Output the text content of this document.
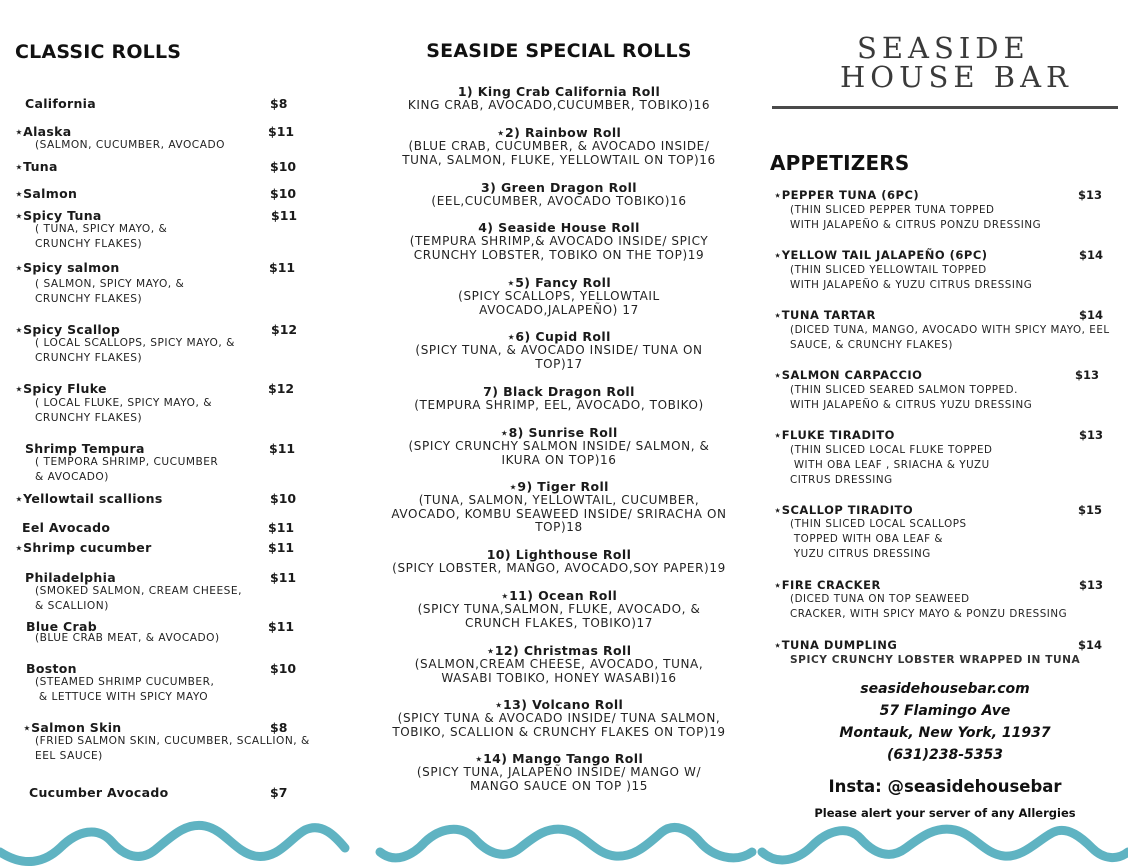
CLASSIC ROLLS	SEASIDE SPECIAL ROLLS	SEASIDE
HOUSE BAR
APPETIZERS
California	$8
⋆Alaska	$11
(SALMON, CUCUMBER, AVOCADO
⋆Tuna	$10
⋆Salmon	$10
⋆Spicy Tuna	$11
( TUNA, SPICY MAYO, &
CRUNCHY FLAKES)
⋆Spicy salmon	$11
( SALMON, SPICY MAYO, &
CRUNCHY FLAKES)
⋆Spicy Scallop	$12
( LOCAL SCALLOPS, SPICY MAYO, &
CRUNCHY FLAKES)
⋆Spicy Fluke	$12
( LOCAL FLUKE, SPICY MAYO, &
CRUNCHY FLAKES)
Shrimp Tempura	$11
( TEMPORA SHRIMP, CUCUMBER
& AVOCADO)
⋆Yellowtail scallions	$10
Eel Avocado	$11
⋆Shrimp cucumber	$11
Philadelphia	$11
(SMOKED SALMON, CREAM CHEESE,
& SCALLION)
Blue Crab	$11
(BLUE CRAB MEAT, & AVOCADO)
Boston	$10
(STEAMED SHRIMP CUCUMBER,
& LETTUCE WITH SPICY MAYO
⋆Salmon Skin	$8
(FRIED SALMON SKIN, CUCUMBER, SCALLION, &
EEL SAUCE)
Cucumber Avocado	$7
1) King Crab California Roll
KING CRAB, AVOCADO,CUCUMBER, TOBIKO)16
⋆2) Rainbow Roll
(BLUE CRAB, CUCUMBER, & AVOCADO INSIDE/
TUNA, SALMON, FLUKE, YELLOWTAIL ON TOP)16
3) Green Dragon Roll
(EEL,CUCUMBER, AVOCADO TOBIKO)16
4) Seaside House Roll
(TEMPURA SHRIMP,& AVOCADO INSIDE/ SPICY
CRUNCHY LOBSTER, TOBIKO ON THE TOP)19
⋆5) Fancy Roll
(SPICY SCALLOPS, YELLOWTAIL
AVOCADO,JALAPEÑO) 17
⋆6) Cupid Roll
(SPICY TUNA, & AVOCADO INSIDE/ TUNA ON
TOP)17
7) Black Dragon Roll
(TEMPURA SHRIMP, EEL, AVOCADO, TOBIKO)
⋆8) Sunrise Roll
(SPICY CRUNCHY SALMON INSIDE/ SALMON, &
IKURA ON TOP)16
⋆9) Tiger Roll
(TUNA, SALMON, YELLOWTAIL, CUCUMBER,
AVOCADO, KOMBU SEAWEED INSIDE/ SRIRACHA ON
TOP)18
10) Lighthouse Roll
(SPICY LOBSTER, MANGO, AVOCADO,SOY PAPER)19
⋆11) Ocean Roll
(SPICY TUNA,SALMON, FLUKE, AVOCADO, &
CRUNCH FLAKES, TOBIKO)17
⋆12) Christmas Roll
(SALMON,CREAM CHEESE, AVOCADO, TUNA,
WASABI TOBIKO, HONEY WASABI)16
⋆13) Volcano Roll
(SPICY TUNA & AVOCADO INSIDE/ TUNA SALMON,
TOBIKO, SCALLION & CRUNCHY FLAKES ON TOP)19
⋆14) Mango Tango Roll
(SPICY TUNA, JALAPEÑO INSIDE/ MANGO W/
MANGO SAUCE ON TOP )15
⋆PEPPER TUNA (6PC)	$13
(THIN SLICED PEPPER TUNA TOPPED
WITH JALAPEÑO & CITRUS PONZU DRESSING
⋆YELLOW TAIL JALAPEÑO (6PC)	$14
(THIN SLICED YELLOWTAIL TOPPED
WITH JALAPEÑO & YUZU CITRUS DRESSING
⋆TUNA TARTAR	$14
(DICED TUNA, MANGO, AVOCADO WITH SPICY MAYO, EEL
SAUCE, & CRUNCHY FLAKES)
⋆SALMON CARPACCIO	$13
(THIN SLICED SEARED SALMON TOPPED.
WITH JALAPEÑO & CITRUS YUZU DRESSING
⋆FLUKE TIRADITO	$13
(THIN SLICED LOCAL FLUKE TOPPED
WITH OBA LEAF , SRIACHA & YUZU
CITRUS DRESSING
⋆SCALLOP TIRADITO	$15
(THIN SLICED LOCAL SCALLOPS
TOPPED WITH OBA LEAF &
YUZU CITRUS DRESSING
⋆FIRE CRACKER	$13
(DICED TUNA ON TOP SEAWEED
CRACKER, WITH SPICY MAYO & PONZU DRESSING
⋆TUNA DUMPLING	$14
SPICY CRUNCHY LOBSTER WRAPPED IN TUNA
seasidehousebar.com
57 Flamingo Ave
Montauk, New York, 11937
(631)238-5353
Insta: @seasidehousebar
Please alert your server of any Allergies
